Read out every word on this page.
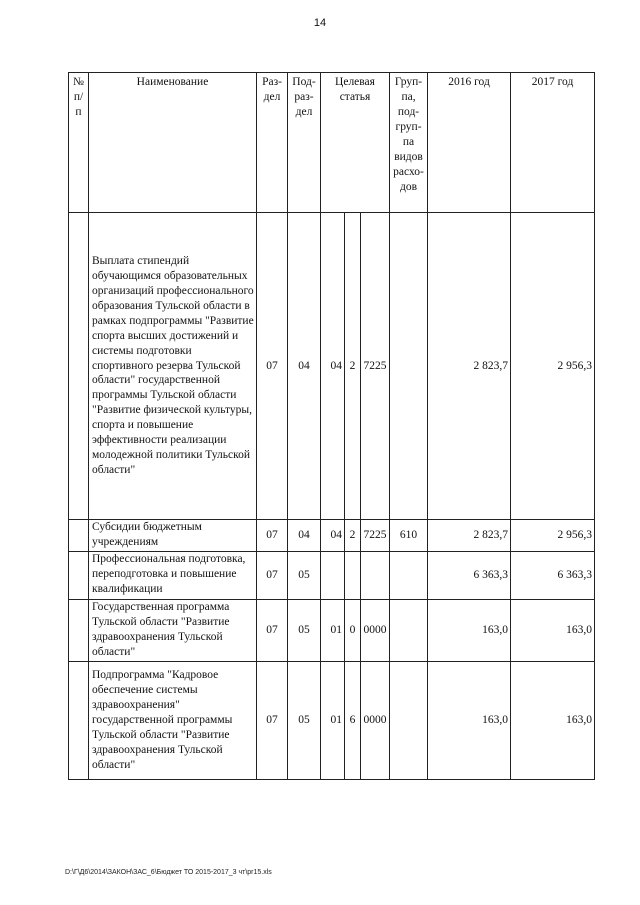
14
№ п/п	Наименование	Раз-дел	Под-раз-дел	Целевая статья			Груп-па, под-груп-па видов расхо-дов	2016 год	2017 год
	Выплата стипендий обучающимся образовательных организаций профессионального образования Тульской области в рамках подпрограммы "Развитие спорта высших достижений и системы подготовки спортивного резерва Тульской области" государственной программы Тульской области "Развитие физической культуры, спорта и повышение эффективности реализации молодежной политики Тульской области"	07	04	04	2	7225		2 823,7	2 956,3
	Субсидии бюджетным учреждениям	07	04	04	2	7225	610	2 823,7	2 956,3
	Профессиональная подготовка, переподготовка и повышение квалификации	07	05					6 363,3	6 363,3
	Государственная программа Тульской области "Развитие здравоохранения Тульской области"	07	05	01	0	0000		163,0	163,0
	Подпрограмма "Кадровое обеспечение системы здравоохранения" государственной программы Тульской области "Развитие здравоохранения Тульской области"	07	05	01	6	0000		163,0	163,0
D:\Г\Д6\2014\ЗАКОН\ЗАС_6\Бюджет ТО 2015-2017_3 чт\pr15.xls
